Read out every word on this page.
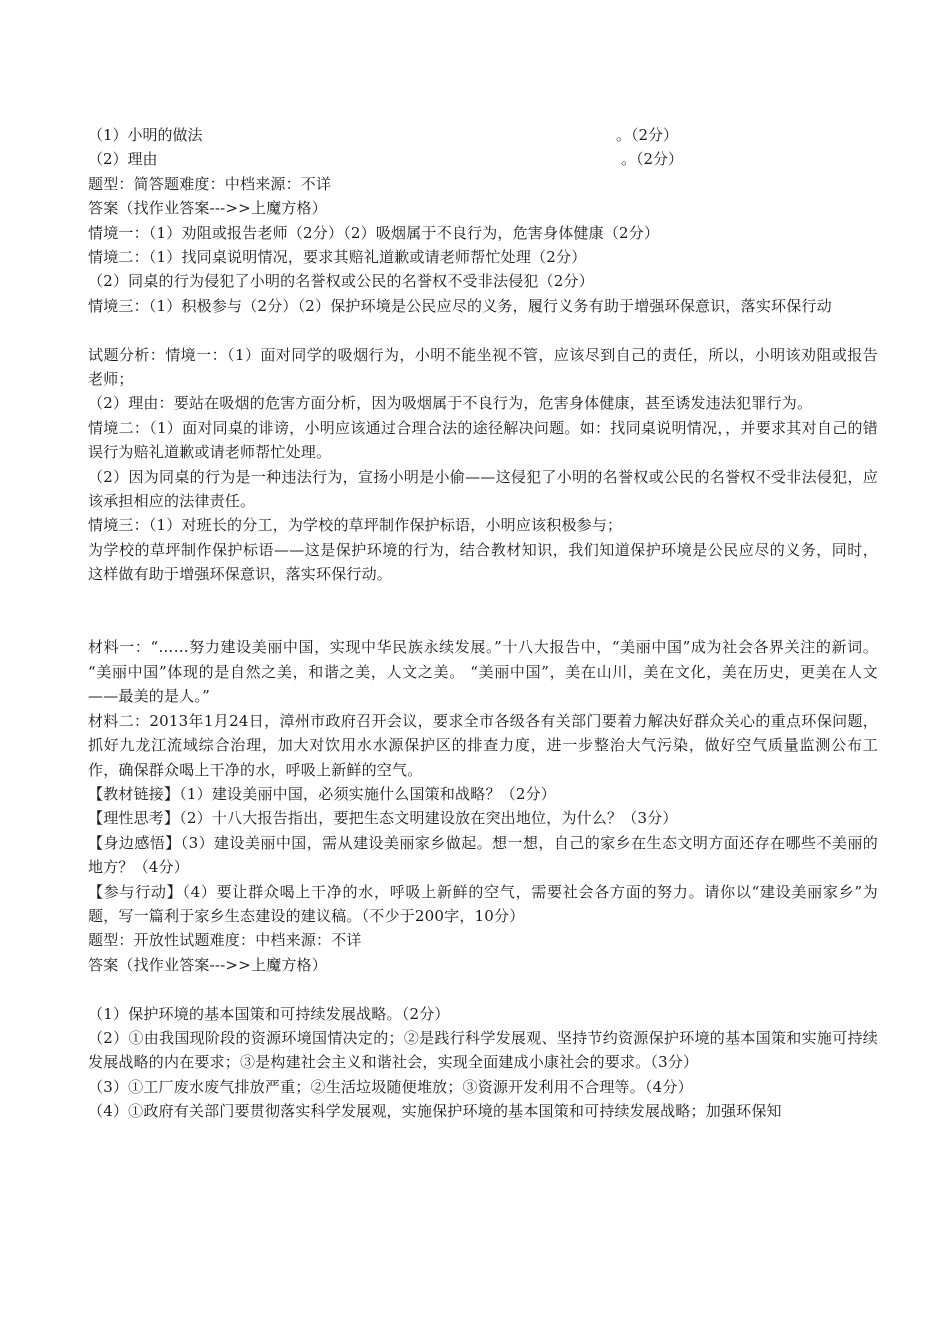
（1）小明的做法	。（2分）
（2）理由	。（2分）
题型：简答题难度：中档来源：不详
答案（找作业答案--->>上魔方格）
情境一：（1）劝阻或报告老师（2分）（2）吸烟属于不良行为，危害身体健康（2分）
情境二：（1）找同桌说明情况，要求其赔礼道歉或请老师帮忙处理（2分）
（2）同桌的行为侵犯了小明的名誉权或公民的名誉权不受非法侵犯（2分）
情境三：（1）积极参与（2分）（2）保护环境是公民应尽的义务，履行义务有助于增强环保意识，落实环保行动
试题分析：情境一：（1）面对同学的吸烟行为，小明不能坐视不管，应该尽到自己的责任，所以，小明该劝阻或报告老师；
（2）理由：要站在吸烟的危害方面分析，因为吸烟属于不良行为，危害身体健康，甚至诱发违法犯罪行为。
情境二：（1）面对同桌的诽谤，小明应该通过合理合法的途径解决问题。如：找同桌说明情况，，并要求其对自己的错误行为赔礼道歉或请老师帮忙处理。
（2）因为同桌的行为是一种违法行为，宣扬小明是小偷——这侵犯了小明的名誉权或公民的名誉权不受非法侵犯，应该承担相应的法律责任。
情境三：（1）对班长的分工，为学校的草坪制作保护标语，小明应该积极参与；
为学校的草坪制作保护标语——这是保护环境的行为，结合教材知识，我们知道保护环境是公民应尽的义务，同时，这样做有助于增强环保意识，落实环保行动。
材料一：“……努力建设美丽中国，实现中华民族永续发展。”十八大报告中，“美丽中国”成为社会各界关注的新词。 “美丽中国”体现的是自然之美，和谐之美，人文之美。 “美丽中国”，美在山川，美在文化，美在历史，更美在人文——最美的是人。”
材料二：2013年1月24日，漳州市政府召开会议，要求全市各级各有关部门要着力解决好群众关心的重点环保问题，抓好九龙江流域综合治理，加大对饮用水水源保护区的排查力度，进一步整治大气污染，做好空气质量监测公布工作，确保群众喝上干净的水，呼吸上新鲜的空气。
【教材链接】（1）建设美丽中国，必须实施什么国策和战略？（2分）
【理性思考】（2）十八大报告指出，要把生态文明建设放在突出地位，为什么？（3分）
【身边感悟】（3）建设美丽中国，需从建设美丽家乡做起。想一想，自己的家乡在生态文明方面还存在哪些不美丽的地方？（4分）
【参与行动】（4）要让群众喝上干净的水，呼吸上新鲜的空气，需要社会各方面的努力。请你以“建设美丽家乡”为题，写一篇利于家乡生态建设的建议稿。（不少于200字，10分）
题型：开放性试题难度：中档来源：不详
答案（找作业答案--->>上魔方格）
（1）保护环境的基本国策和可持续发展战略。（2分）
（2）①由我国现阶段的资源环境国情决定的；②是践行科学发展观、坚持节约资源保护环境的基本国策和实施可持续发展战略的内在要求；③是构建社会主义和谐社会，实现全面建成小康社会的要求。（3分）
（3）①工厂废水废气排放严重；②生活垃圾随便堆放；③资源开发利用不合理等。（4分）
（4）①政府有关部门要贯彻落实科学发展观，实施保护环境的基本国策和可持续发展战略；加强环保知
